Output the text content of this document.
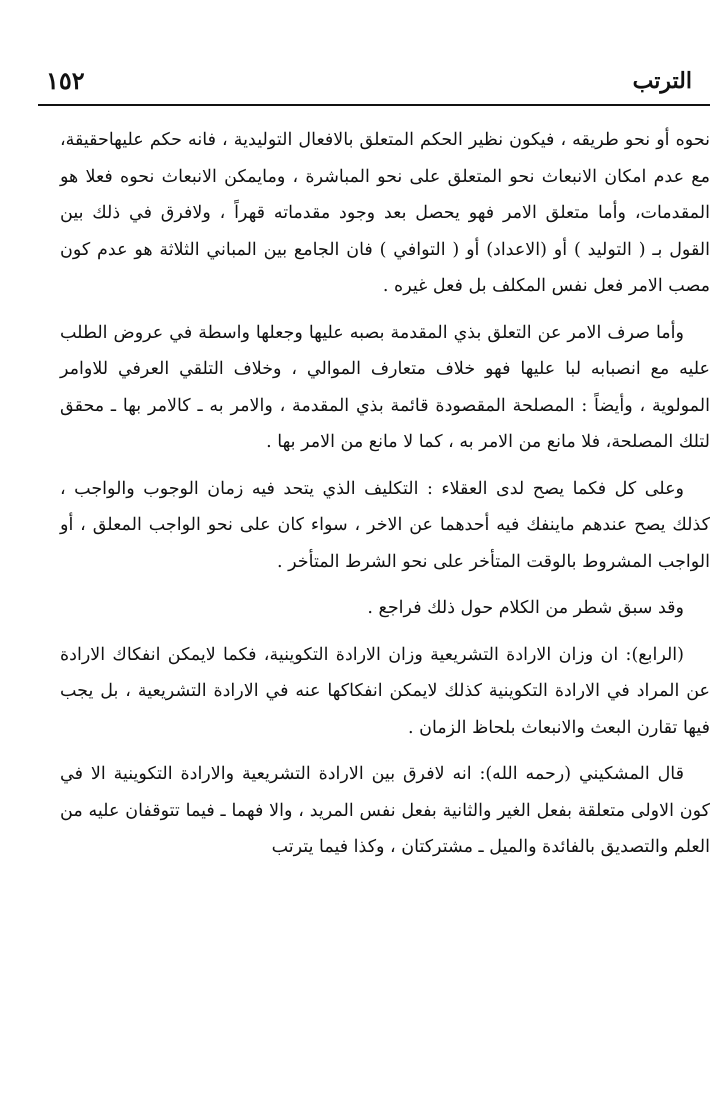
١٥٢	الترتب

نحوه أو نحو طريقه ، فيكون نظير الحكم المتعلق بالافعال التوليدية ، فانه حكم عليهاحقيقة، مع عدم امكان الانبعاث نحو المتعلق على نحو المباشرة ، ومايمكن الانبعاث نحوه فعلا هو المقدمات، وأما متعلق الامر فهو يحصل بعد وجود مقدماته قهراً ، ولافرق في ذلك بين القول بـ ( التوليد ) أو (الاعداد) أو ( التوافي ) فان الجامع بين المباني الثلاثة هو عدم كون مصب الامر فعل نفس المكلف بل فعل غيره .

وأما صرف الامر عن التعلق بذي المقدمة بصبه عليها وجعلها واسطة في عروض الطلب عليه مع انصبابه لبا عليها فهو خلاف متعارف الموالي ، وخلاف التلقي العرفي للاوامر المولوية ، وأيضاً : المصلحة المقصودة قائمة بذي المقدمة ، والامر به ـ كالامر بها ـ محقق لتلك المصلحة، فلا مانع من الامر به ، كما لا مانع من الامر بها .

وعلى كل فكما يصح لدى العقلاء : التكليف الذي يتحد فيه زمان الوجوب والواجب ، كذلك يصح عندهم ماينفك فيه أحدهما عن الاخر ، سواء كان على نحو الواجب المعلق ، أو الواجب المشروط بالوقت المتأخر على نحو الشرط المتأخر .

وقد سبق شطر من الكلام حول ذلك فراجع .

(الرابع): ان وزان الارادة التشريعية وزان الارادة التكوينية، فكما لايمكن انفكاك الارادة عن المراد في الارادة التكوينية كذلك لايمكن انفكاكها عنه في الارادة التشريعية ، بل يجب فيها تقارن البعث والانبعاث بلحاظ الزمان .

قال المشكيني (رحمه الله): انه لافرق بين الارادة التشريعية والارادة التكوينية الا في كون الاولى متعلقة بفعل الغير والثانية بفعل نفس المريد ، والا فهما ـ فيما تتوقفان عليه من العلم والتصديق بالفائدة والميل ـ مشتركتان ، وكذا فيما يترتب
